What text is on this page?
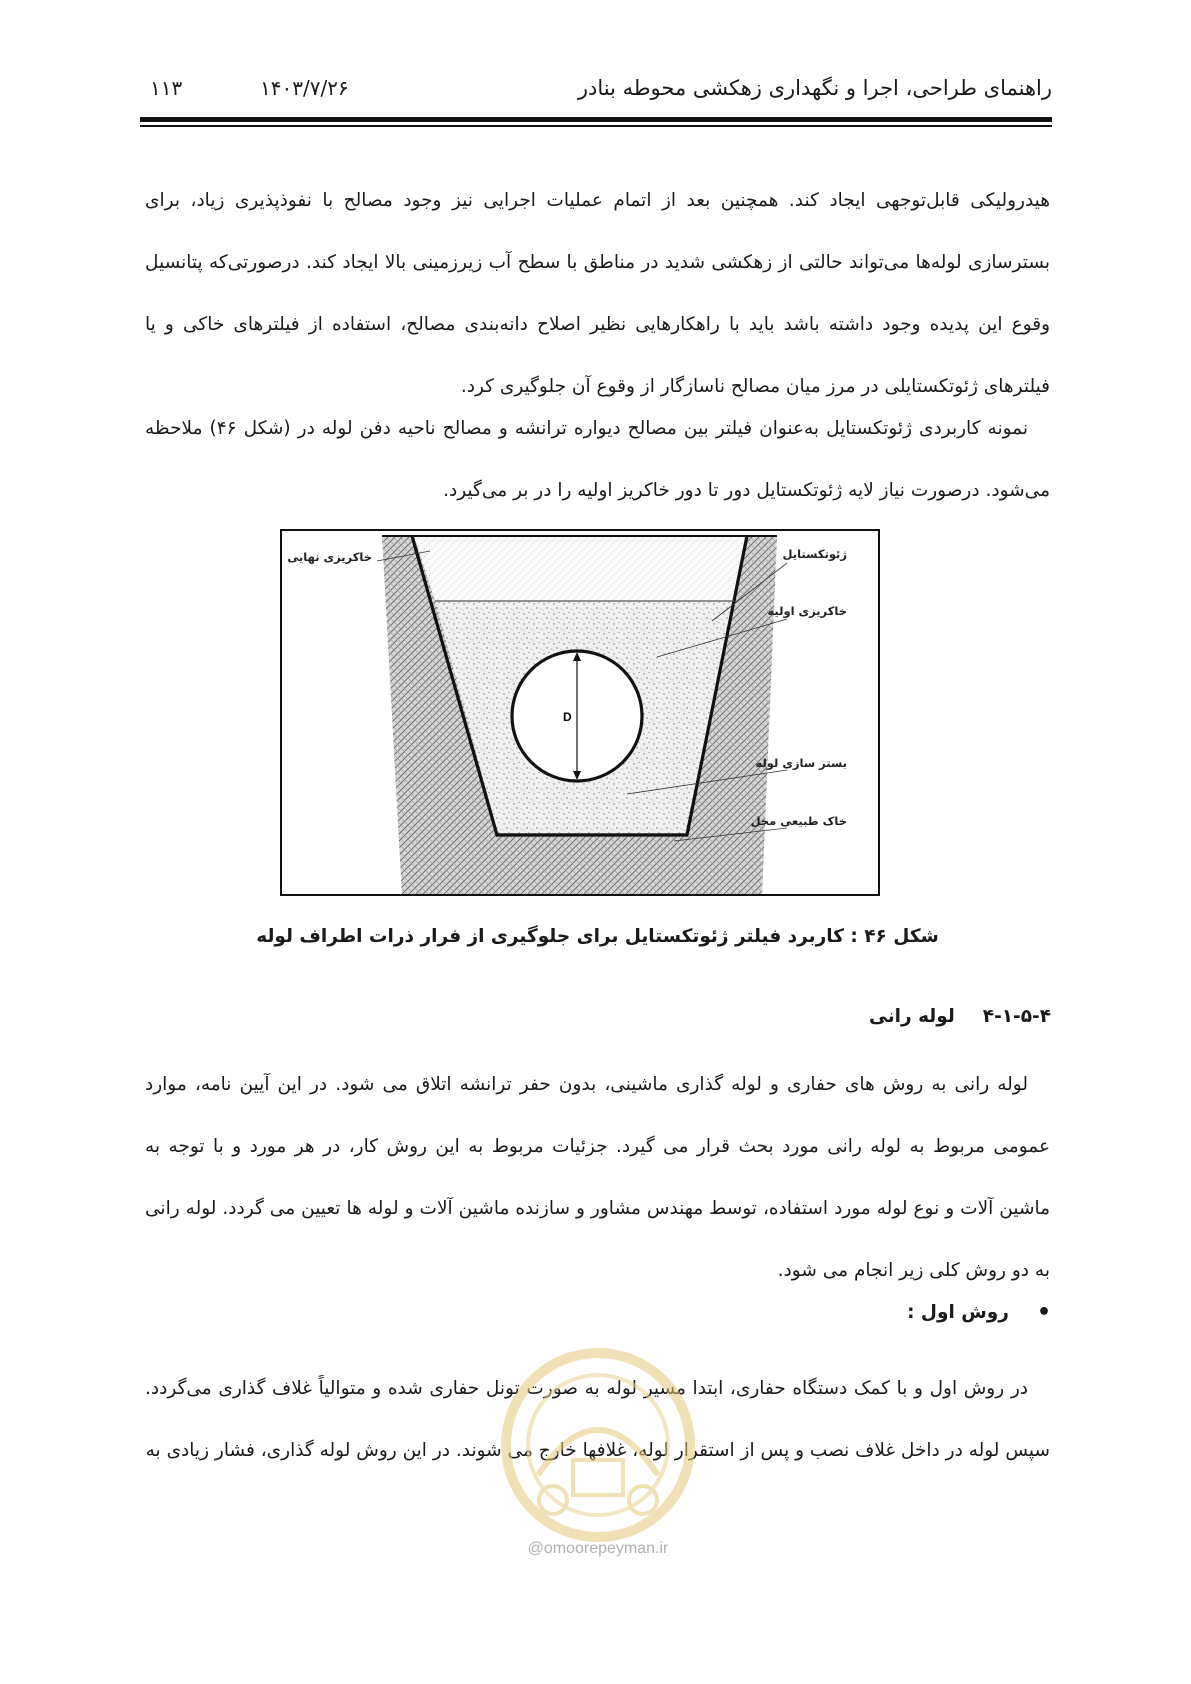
راهنمای طراحی، اجرا و نگهداری زهکشی محوطه بنادر
۱۴۰۳/۷/۲۶
۱۱۳

هیدرولیکی قابل‌توجهی ایجاد کند. همچنین بعد از اتمام عملیات اجرایی نیز وجود مصالح با نفوذپذیری زیاد، برای بسترسازی لوله‌ها می‌تواند حالتی از زهکشی شدید در مناطق با سطح آب زیرزمینی بالا ایجاد کند. درصورتی‌که پتانسیل وقوع این پدیده وجود داشته باشد باید با راهکارهایی نظیر اصلاح دانه‌بندی مصالح، استفاده از فیلترهای خاکی و یا فیلترهای ژئوتکستایلی در مرز میان مصالح ناسازگار از وقوع آن جلوگیری کرد.

نمونه کاربردی ژئوتکستایل به‌عنوان فیلتر بین مصالح دیواره ترانشه و مصالح ناحیه دفن لوله در (شکل ۴۶) ملاحظه می‌شود. درصورت نیاز لایه ژئوتکستایل دور تا دور خاکریز اولیه را در بر می‌گیرد.

D
خاکریزی نهایی	ژئوتکستایل
خاکریزی اولیه
بستر سازی لوله
خاک طبیعی محل
شکل ۴۶ : کاربرد فیلتر ژئوتکستایل برای جلوگیری از فرار ذرات اطراف لوله
۴-۱-۵-۴
لوله رانی

لوله رانی به روش های حفاری و لوله گذاری ماشینی، بدون حفر ترانشه اتلاق می شود. در این آیین نامه، موارد عمومی مربوط به لوله رانی مورد بحث قرار می گیرد. جزئیات مربوط به این روش کار، در هر مورد و با توجه به ماشین آلات و نوع لوله مورد استفاده، توسط مهندس مشاور و سازنده ماشین آلات و لوله ها تعیین می گردد. لوله رانی به دو روش کلی زیر انجام می شود.

•
روش اول :

در روش اول و با کمک دستگاه حفاری، ابتدا مسیر لوله به صورت تونل حفاری شده و متوالیاً غلاف گذاری می‌گردد. سپس لوله در داخل غلاف نصب و پس از استقرار لوله، غلافها خارج می شوند. در این روش لوله گذاری، فشار زیادی به

@omoorepeyman.ir
